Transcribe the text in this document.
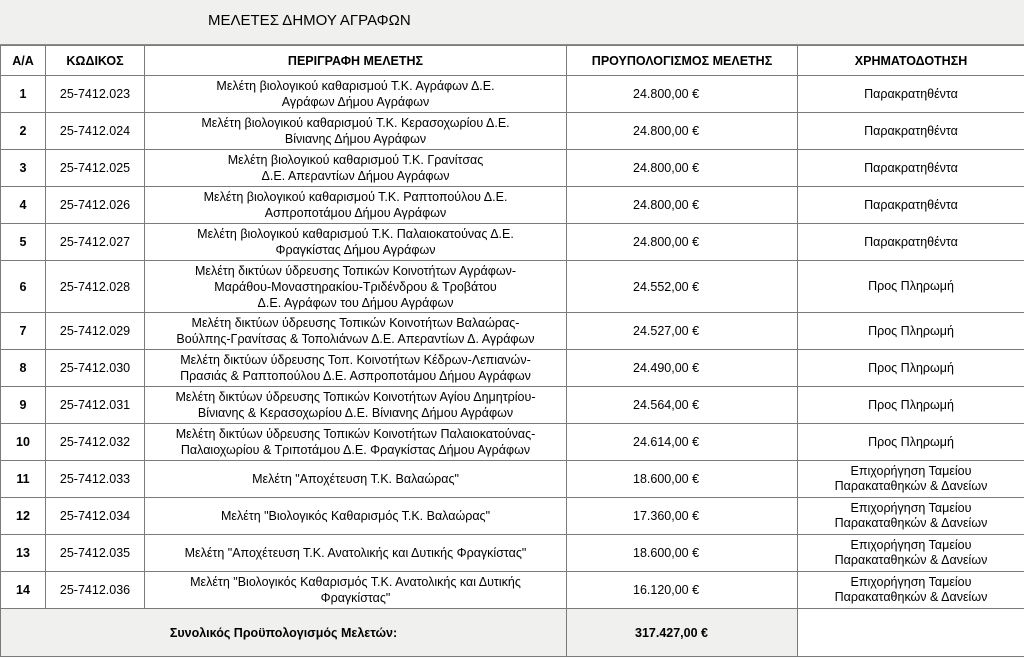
ΜΕΛΕΤΕΣ ΔΗΜΟΥ ΑΓΡΑΦΩΝ
Α/Α	ΚΩΔΙΚΟΣ	ΠΕΡΙΓΡΑΦΗ ΜΕΛΕΤΗΣ	ΠΡΟΥΠΟΛΟΓΙΣΜΟΣ ΜΕΛΕΤΗΣ	ΧΡΗΜΑΤΟΔΟΤΗΣΗ
1	25-7412.023	Μελέτη βιολογικού καθαρισμού Τ.Κ. Αγράφων Δ.Ε.
Αγράφων Δήμου Αγράφων	24.800,00 €	Παρακρατηθέντα
2	25-7412.024	Μελέτη βιολογικού καθαρισμού Τ.Κ. Κερασοχωρίου Δ.Ε.
Βίνιανης Δήμου Αγράφων	24.800,00 €	Παρακρατηθέντα
3	25-7412.025	Μελέτη βιολογικού καθαρισμού Τ.Κ. Γρανίτσας
Δ.Ε. Απεραντίων Δήμου Αγράφων	24.800,00 €	Παρακρατηθέντα
4	25-7412.026	Μελέτη βιολογικού καθαρισμού Τ.Κ. Ραπτοπούλου Δ.Ε.
Ασπροποτάμου Δήμου Αγράφων	24.800,00 €	Παρακρατηθέντα
5	25-7412.027	Μελέτη βιολογικού καθαρισμού Τ.Κ. Παλαιοκατούνας Δ.Ε.
Φραγκίστας Δήμου Αγράφων	24.800,00 €	Παρακρατηθέντα
6	25-7412.028	Μελέτη δικτύων ύδρευσης Τοπικών Κοινοτήτων Αγράφων-
Μαράθου-Μοναστηρακίου-Τριδένδρου & Τροβάτου
Δ.Ε. Αγράφων του Δήμου Αγράφων	24.552,00 €	Προς Πληρωμή
7	25-7412.029	Μελέτη δικτύων ύδρευσης Τοπικών Κοινοτήτων Βαλαώρας-
Βούλπης-Γρανίτσας & Τοπολιάνων Δ.Ε. Απεραντίων Δ. Αγράφων	24.527,00 €	Προς Πληρωμή
8	25-7412.030	Μελέτη δικτύων ύδρευσης Τοπ. Κοινοτήτων Κέδρων-Λεπιανών-
Πρασιάς & Ραπτοπούλου Δ.Ε. Ασπροποτάμου Δήμου Αγράφων	24.490,00 €	Προς Πληρωμή
9	25-7412.031	Μελέτη δικτύων ύδρευσης Τοπικών Κοινοτήτων Αγίου Δημητρίου-
Βίνιανης & Κερασοχωρίου Δ.Ε. Βίνιανης Δήμου Αγράφων	24.564,00 €	Προς Πληρωμή
10	25-7412.032	Μελέτη δικτύων ύδρευσης Τοπικών Κοινοτήτων Παλαιοκατούνας-
Παλαιοχωρίου & Τριποτάμου Δ.Ε. Φραγκίστας Δήμου Αγράφων	24.614,00 €	Προς Πληρωμή
11	25-7412.033	Μελέτη "Αποχέτευση Τ.Κ. Βαλαώρας"	18.600,00 €	Επιχορήγηση Ταμείου
Παρακαταθηκών & Δανείων
12	25-7412.034	Μελέτη "Βιολογικός Καθαρισμός Τ.Κ. Βαλαώρας"	17.360,00 €	Επιχορήγηση Ταμείου
Παρακαταθηκών & Δανείων
13	25-7412.035	Μελέτη "Αποχέτευση Τ.Κ. Ανατολικής και Δυτικής Φραγκίστας"	18.600,00 €	Επιχορήγηση Ταμείου
Παρακαταθηκών & Δανείων
14	25-7412.036	Μελέτη "Βιολογικός Καθαρισμός Τ.Κ. Ανατολικής και Δυτικής
Φραγκίστας"	16.120,00 €	Επιχορήγηση Ταμείου
Παρακαταθηκών & Δανείων
Συνολικός Προϋπολογισμός Μελετών:			317.427,00 €	
